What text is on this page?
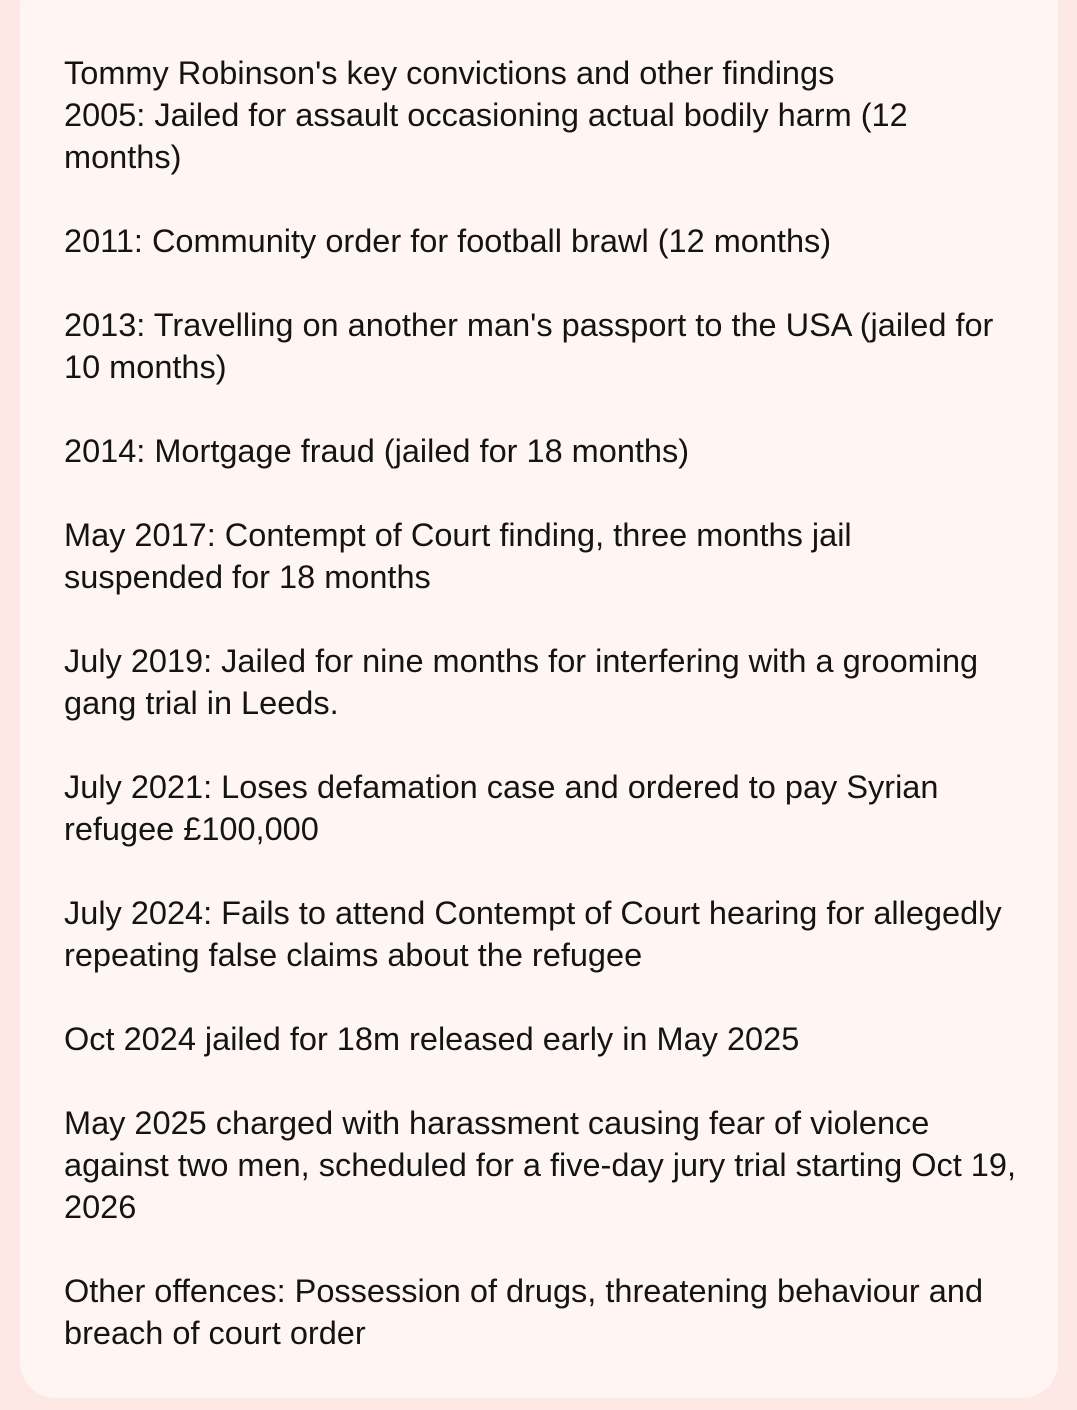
Tommy Robinson's key convictions and other findings

2005: Jailed for assault occasioning actual bodily harm (12 months)

2011: Community order for football brawl (12 months)

2013: Travelling on another man's passport to the USA (jailed for 10 months)

2014: Mortgage fraud (jailed for 18 months)

May 2017: Contempt of Court finding, three months jail suspended for 18 months

July 2019: Jailed for nine months for interfering with a grooming gang trial in Leeds.

July 2021: Loses defamation case and ordered to pay Syrian refugee £100,000

July 2024: Fails to attend Contempt of Court hearing for allegedly repeating false claims about the refugee

Oct 2024 jailed for 18m released early in May 2025

May 2025 charged with harassment causing fear of violence against two men, scheduled for a five-day jury trial starting Oct 19, 2026

Other offences: Possession of drugs, threatening behaviour and breach of court order
